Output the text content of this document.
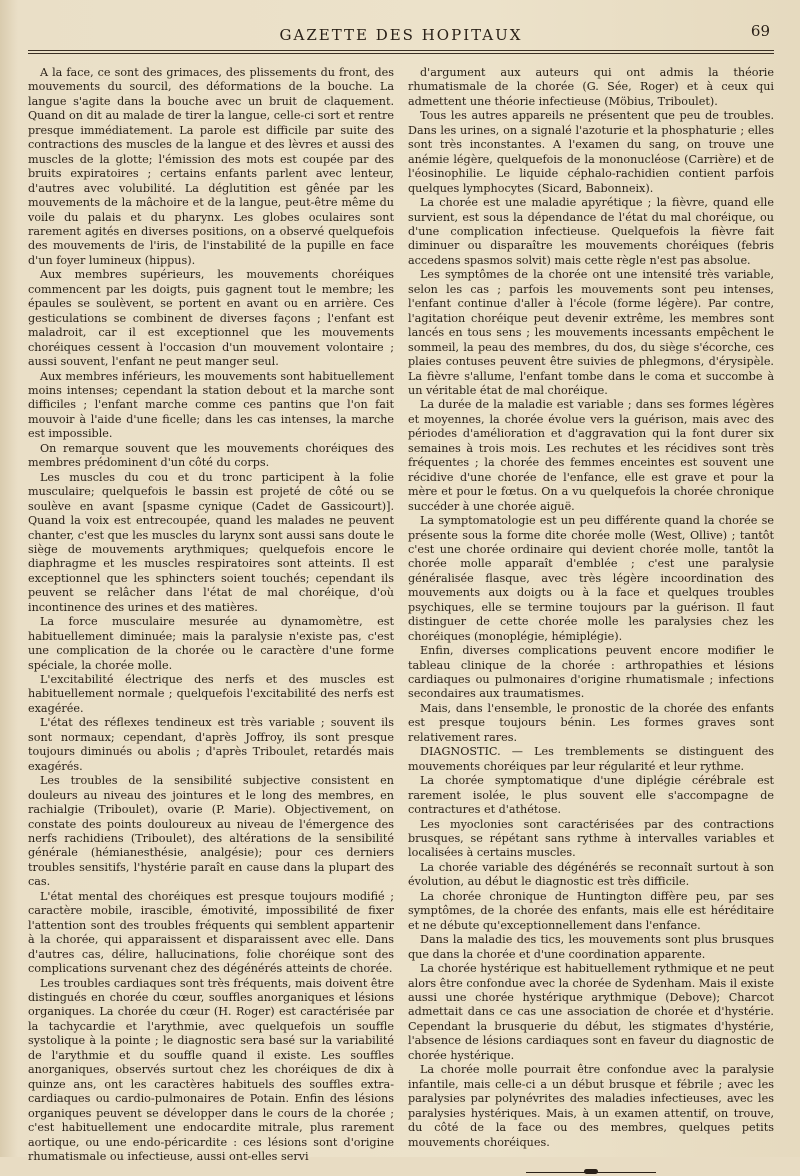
GAZETTE DES HOPITAUX	69

A la face, ce sont des grimaces, des plissements du front, des mouvements du sourcil, des déformations de la bouche. La langue s'agite dans la bouche avec un bruit de claquement. Quand on dit au malade de tirer la langue, celle-ci sort et rentre presque immédiatement. La parole est difficile par suite des contractions des muscles de la langue et des lèvres et aussi des muscles de la glotte; l'émission des mots est coupée par des bruits expiratoires ; certains enfants parlent avec lenteur, d'autres avec volubilité. La déglutition est gênée par les mouvements de la mâchoire et de la langue, peut-être même du voile du palais et du pharynx. Les globes oculaires sont rarement agités en diverses positions, on a observé quelquefois des mouvements de l'iris, de l'instabilité de la pupille en face d'un foyer lumineux (hippus).

Aux membres supérieurs, les mouvements choréiques commencent par les doigts, puis gagnent tout le membre; les épaules se soulèvent, se portent en avant ou en arrière. Ces gesticulations se combinent de diverses façons ; l'enfant est maladroit, car il est exceptionnel que les mouvements choréiques cessent à l'occasion d'un mouvement volontaire ; aussi souvent, l'enfant ne peut manger seul.

Aux membres inférieurs, les mouvements sont habituellement moins intenses; cependant la station debout et la marche sont difficiles ; l'enfant marche comme ces pantins que l'on fait mouvoir à l'aide d'une ficelle; dans les cas intenses, la marche est impossible.

On remarque souvent que les mouvements choréiques des membres prédominent d'un côté du corps.

Les muscles du cou et du tronc participent à la folie musculaire; quelquefois le bassin est projeté de côté ou se soulève en avant [spasme cynique (Cadet de Gassicourt)]. Quand la voix est entrecoupée, quand les malades ne peuvent chanter, c'est que les muscles du larynx sont aussi sans doute le siège de mouvements arythmiques; quelquefois encore le diaphragme et les muscles respiratoires sont atteints. Il est exceptionnel que les sphincters soient touchés; cependant ils peuvent se relâcher dans l'état de mal choréique, d'où incontinence des urines et des matières.

La force musculaire mesurée au dynamomètre, est habituellement diminuée; mais la paralysie n'existe pas, c'est une complication de la chorée ou le caractère d'une forme spéciale, la chorée molle.

L'excitabilité électrique des nerfs et des muscles est habituellement normale ; quelquefois l'excitabilité des nerfs est exagérée.

L'état des réflexes tendineux est très variable ; souvent ils sont normaux; cependant, d'après Joffroy, ils sont presque toujours diminués ou abolis ; d'après Triboulet, retardés mais exagérés.

Les troubles de la sensibilité subjective consistent en douleurs au niveau des jointures et le long des membres, en rachialgie (Triboulet), ovarie (P. Marie). Objectivement, on constate des points douloureux au niveau de l'émergence des nerfs rachidiens (Triboulet), des altérations de la sensibilité générale (hémianesthésie, analgésie); pour ces derniers troubles sensitifs, l'hystérie paraît en cause dans la plupart des cas.

L'état mental des choréiques est presque toujours modifié ; caractère mobile, irascible, émotivité, impossibilité de fixer l'attention sont des troubles fréquents qui semblent appartenir à la chorée, qui apparaissent et disparaissent avec elle. Dans d'autres cas, délire, hallucinations, folie choréique sont des complications survenant chez des dégénérés atteints de chorée.

Les troubles cardiaques sont très fréquents, mais doivent être distingués en chorée du cœur, souffles anorganiques et lésions organiques. La chorée du cœur (H. Roger) est caractérisée par la tachycardie et l'arythmie, avec quelquefois un souffle systolique à la pointe ; le diagnostic sera basé sur la variabilité de l'arythmie et du souffle quand il existe. Les souffles anorganiques, observés surtout chez les choréiques de dix à quinze ans, ont les caractères habituels des souffles extra-cardiaques ou cardio-pulmonaires de Potain. Enfin des lésions organiques peuvent se développer dans le cours de la chorée ; c'est habituellement une endocardite mitrale, plus rarement aortique, ou une endo-péricardite : ces lésions sont d'origine rhumatismale ou infectieuse, aussi ont-elles servi

d'argument aux auteurs qui ont admis la théorie rhumatismale de la chorée (G. Sée, Roger) et à ceux qui admettent une théorie infectieuse (Möbius, Triboulet).

Tous les autres appareils ne présentent que peu de troubles. Dans les urines, on a signalé l'azoturie et la phosphaturie ; elles sont très inconstantes. A l'examen du sang, on trouve une anémie légère, quelquefois de la mononucléose (Carrière) et de l'éosinophilie. Le liquide céphalo-rachidien contient parfois quelques lymphocytes (Sicard, Babonneix).

La chorée est une maladie apyrétique ; la fièvre, quand elle survient, est sous la dépendance de l'état du mal choréique, ou d'une complication infectieuse. Quelquefois la fièvre fait diminuer ou disparaître les mouvements choréiques (febris accedens spasmos solvit) mais cette règle n'est pas absolue.

Les symptômes de la chorée ont une intensité très variable, selon les cas ; parfois les mouvements sont peu intenses, l'enfant continue d'aller à l'école (forme légère). Par contre, l'agitation choréique peut devenir extrême, les membres sont lancés en tous sens ; les mouvements incessants empêchent le sommeil, la peau des membres, du dos, du siège s'écorche, ces plaies contuses peuvent être suivies de phlegmons, d'érysipèle. La fièvre s'allume, l'enfant tombe dans le coma et succombe à un véritable état de mal choréique.

La durée de la maladie est variable ; dans ses formes légères et moyennes, la chorée évolue vers la guérison, mais avec des périodes d'amélioration et d'aggravation qui la font durer six semaines à trois mois. Les rechutes et les récidives sont très fréquentes ; la chorée des femmes enceintes est souvent une récidive d'une chorée de l'enfance, elle est grave et pour la mère et pour le fœtus. On a vu quelquefois la chorée chronique succéder à une chorée aiguë.

La symptomatologie est un peu différente quand la chorée se présente sous la forme dite chorée molle (West, Ollive) ; tantôt c'est une chorée ordinaire qui devient chorée molle, tantôt la chorée molle apparaît d'emblée ; c'est une paralysie généralisée flasque, avec très légère incoordination des mouvements aux doigts ou à la face et quelques troubles psychiques, elle se termine toujours par la guérison. Il faut distinguer de cette chorée molle les paralysies chez les choréiques (monoplégie, hémiplégie).

Enfin, diverses complications peuvent encore modifier le tableau clinique de la chorée : arthropathies et lésions cardiaques ou pulmonaires d'origine rhumatismale ; infections secondaires aux traumatismes.

Mais, dans l'ensemble, le pronostic de la chorée des enfants est presque toujours bénin. Les formes graves sont relativement rares.

DIAGNOSTIC. — Les tremblements se distinguent des mouvements choréiques par leur régularité et leur rythme.

La chorée symptomatique d'une diplégie cérébrale est rarement isolée, le plus souvent elle s'accompagne de contractures et d'athétose.

Les myoclonies sont caractérisées par des contractions brusques, se répétant sans rythme à intervalles variables et localisées à certains muscles.

La chorée variable des dégénérés se reconnaît surtout à son évolution, au début le diagnostic est très difficile.

La chorée chronique de Huntington diffère peu, par ses symptômes, de la chorée des enfants, mais elle est héréditaire et ne débute qu'exceptionnellement dans l'enfance.

Dans la maladie des tics, les mouvements sont plus brusques que dans la chorée et d'une coordination apparente.

La chorée hystérique est habituellement rythmique et ne peut alors être confondue avec la chorée de Sydenham. Mais il existe aussi une chorée hystérique arythmique (Debove); Charcot admettait dans ce cas une association de chorée et d'hystérie. Cependant la brusquerie du début, les stigmates d'hystérie, l'absence de lésions cardiaques sont en faveur du diagnostic de chorée hystérique.

La chorée molle pourrait être confondue avec la paralysie infantile, mais celle-ci a un début brusque et fébrile ; avec les paralysies par polynévrites des maladies infectieuses, avec les paralysies hystériques. Mais, à un examen attentif, on trouve, du côté de la face ou des membres, quelques petits mouvements choréiques.
